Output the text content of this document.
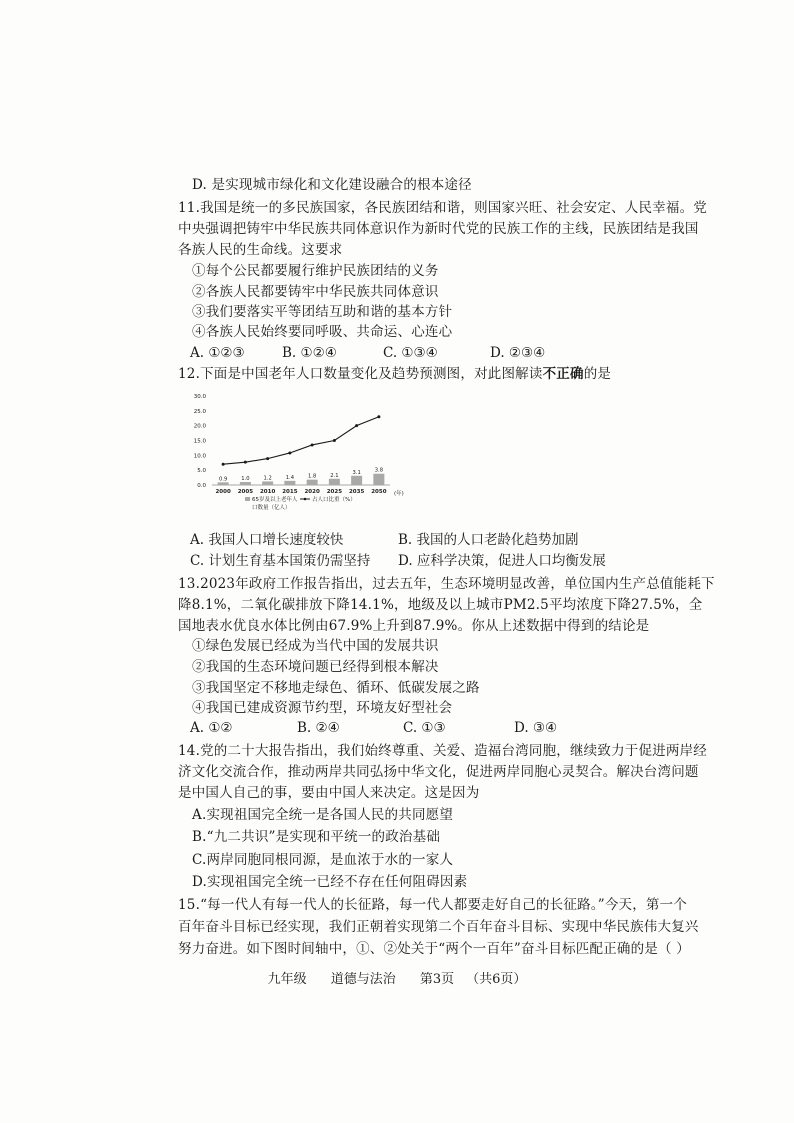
D. 是实现城市绿化和文化建设融合的根本途径
11.我国是统一的多民族国家，各民族团结和谐，则国家兴旺、社会安定、人民幸福。党
中央强调把铸牢中华民族共同体意识作为新时代党的民族工作的主线，民族团结是我国
各族人民的生命线。这要求
①每个公民都要履行维护民族团结的义务
②各族人民都要铸牢中华民族共同体意识
③我们要落实平等团结互助和谐的基本方针
④各族人民始终要同呼吸、共命运、心连心
A. ①②③	B. ①②④	C. ①③④	D. ②③④
12.下面是中国老年人口数量变化及趋势预测图，对此图解读不正确的是
30.0
25.0
20.0
15.0
10.0
5.0
0.0
2000 2005 2010 2015 2020 2025 2035 2050
0.9	1.0	1.2	1.4	1.8	2.1	3.1	3.8
(年)
65岁及以上老年人
口数量（亿人）
占人口比重（%）
A. 我国人口增长速度较快	B. 我国的人口老龄化趋势加剧
C. 计划生育基本国策仍需坚持 D. 应科学决策，促进人口均衡发展
13.2023年政府工作报告指出，过去五年，生态环境明显改善，单位国内生产总值能耗下
降8.1%，二氧化碳排放下降14.1%，地级及以上城市PM2.5平均浓度下降27.5%，全
国地表水优良水体比例由67.9%上升到87.9%。你从上述数据中得到的结论是
①绿色发展已经成为当代中国的发展共识
②我国的生态环境问题已经得到根本解决
③我国坚定不移地走绿色、循环、低碳发展之路
④我国已建成资源节约型，环境友好型社会
A. ①②	B. ②④	C. ①③	D. ③④
14.党的二十大报告指出，我们始终尊重、关爱、造福台湾同胞，继续致力于促进两岸经
济文化交流合作，推动两岸共同弘扬中华文化，促进两岸同胞心灵契合。解决台湾问题
是中国人自己的事，要由中国人来决定。这是因为
A.实现祖国完全统一是各国人民的共同愿望
B.“九二共识”是实现和平统一的政治基础
C.两岸同胞同根同源，是血浓于水的一家人
D.实现祖国完全统一已经不存在任何阻碍因素
15.“每一代人有每一代人的长征路，每一代人都要走好自己的长征路。”今天，第一个
百年奋斗目标已经实现，我们正朝着实现第二个百年奋斗目标、实现中华民族伟大复兴
努力奋进。如下图时间轴中，①、②处关于“两个一百年”奋斗目标匹配正确的是（ ）
九年级 道德与法治 第3页 （共6页）
